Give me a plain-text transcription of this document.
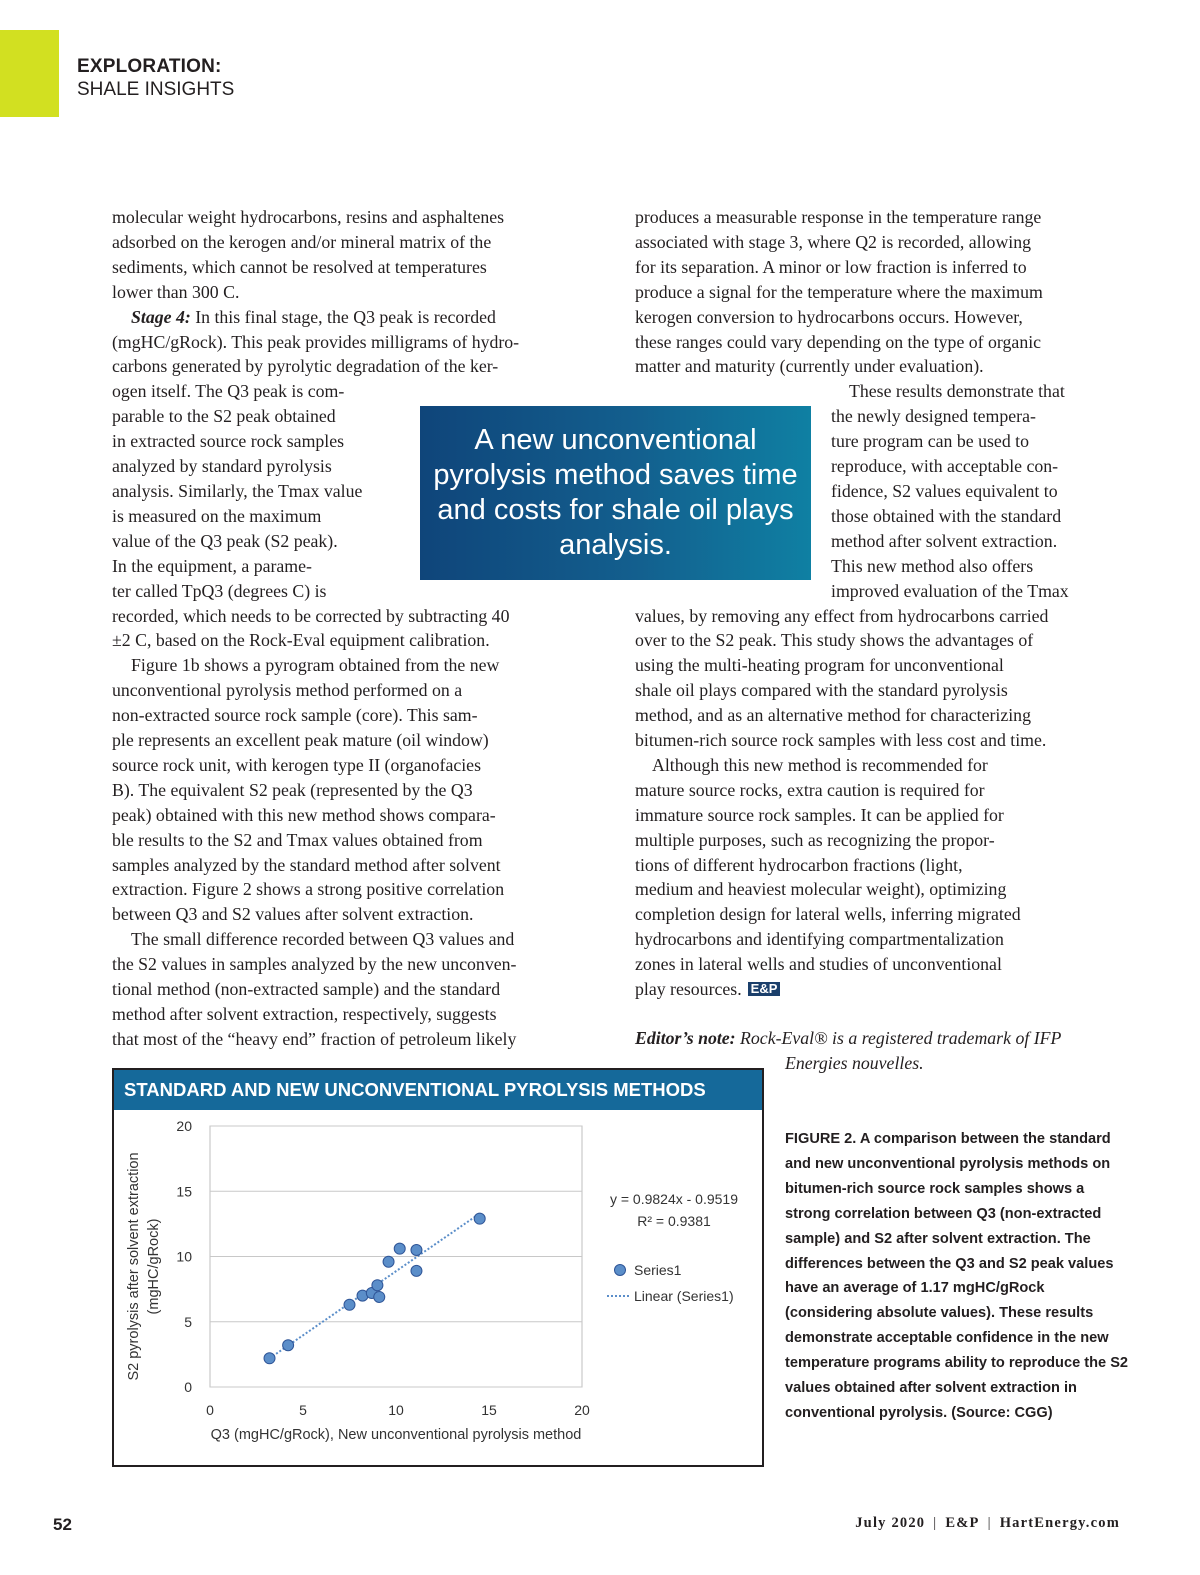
EXPLORATION:
SHALE INSIGHTS

molecular weight hydrocarbons, resins and asphaltenes
adsorbed on the kerogen and/or mineral matrix of the
sediments, which cannot be resolved at temperatures
lower than 300 C.

Stage 4: In this final stage, the Q3 peak is recorded
(mgHC/gRock). This peak provides milligrams of hydro-
carbons generated by pyrolytic degradation of the ker-
ogen itself. The Q3 peak is com-
parable to the S2 peak obtained
in extracted source rock samples
analyzed by standard pyrolysis
analysis. Similarly, the Tmax value
is measured on the maximum
value of the Q3 peak (S2 peak).
In the equipment, a parame-
ter called TpQ3 (degrees C) is
recorded, which needs to be corrected by subtracting 40
±2 C, based on the Rock-Eval equipment calibration.

Figure 1b shows a pyrogram obtained from the new
unconventional pyrolysis method performed on a
non-extracted source rock sample (core). This sam-
ple represents an excellent peak mature (oil window)
source rock unit, with kerogen type II (organofacies
B). The equivalent S2 peak (represented by the Q3
peak) obtained with this new method shows compara-
ble results to the S2 and Tmax values obtained from
samples analyzed by the standard method after solvent
extraction. Figure 2 shows a strong positive correlation
between Q3 and S2 values after solvent extraction.

The small difference recorded between Q3 values and
the S2 values in samples analyzed by the new unconven-
tional method (non-extracted sample) and the standard
method after solvent extraction, respectively, suggests
that most of the “heavy end” fraction of petroleum likely

produces a measurable response in the temperature range
associated with stage 3, where Q2 is recorded, allowing
for its separation. A minor or low fraction is inferred to
produce a signal for the temperature where the maximum
kerogen conversion to hydrocarbons occurs. However,
these ranges could vary depending on the type of organic
matter and maturity (currently under evaluation).

These results demonstrate that
the newly designed tempera-
ture program can be used to
reproduce, with acceptable con-
fidence, S2 values equivalent to
those obtained with the standard
method after solvent extraction.
This new method also offers
improved evaluation of the Tmax
values, by removing any effect from hydrocarbons carried
over to the S2 peak. This study shows the advantages of
using the multi-heating program for unconventional
shale oil plays compared with the standard pyrolysis
method, and as an alternative method for characterizing
bitumen-rich source rock samples with less cost and time.

Although this new method is recommended for
mature source rocks, extra caution is required for
immature source rock samples. It can be applied for
multiple purposes, such as recognizing the propor-
tions of different hydrocarbon fractions (light,
medium and heaviest molecular weight), optimizing
completion design for lateral wells, inferring migrated
hydrocarbons and identifying compartmentalization
zones in lateral wells and studies of unconventional
play resources. E&P

A new unconventional pyrolysis method saves time and costs for shale oil plays analysis.
Editor’s note: Rock-Eval® is a registered trademark of IFP
Energies nouvelles.
STANDARD AND NEW UNCONVENTIONAL PYROLYSIS METHODS
0
5
10
15
20
0	5	10	15	20
Q3 (mgHC/gRock), New unconventional pyrolysis method
S2 pyrolysis after solvent extraction (mgHC/gRock)
y = 0.9824x - 0.9519
R² = 0.9381
Series1
Linear (Series1)
FIGURE 2. A comparison between the standard and new unconventional pyrolysis methods on bitumen-rich source rock samples shows a strong correlation between Q3 (non-extracted sample) and S2 after solvent extraction. The differences between the Q3 and S2 peak values have an average of 1.17 mgHC/gRock (considering absolute values). These results demonstrate acceptable confidence in the new temperature programs ability to reproduce the S2 values obtained after solvent extraction in conventional pyrolysis. (Source: CGG)
52	July 2020 | E&P | HartEnergy.com
